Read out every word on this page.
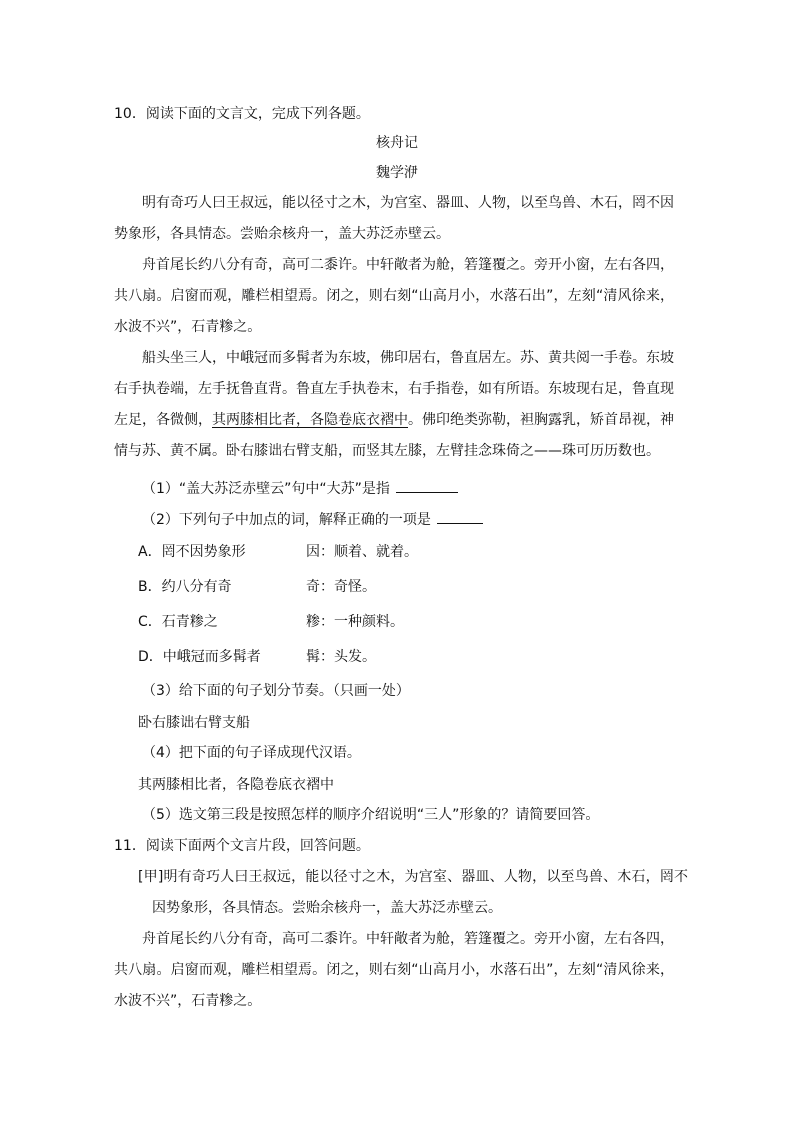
10．阅读下面的文言文，完成下列各题。
核舟记
魏学洢
明有奇巧人曰王叔远，能以径寸之木，为宫室、器皿、人物，以至鸟兽、木石，罔不因势象形，各具情态。尝贻余核舟一，盖大苏泛赤壁云。
舟首尾长约八分有奇，高可二黍许。中轩敞者为舱，箬篷覆之。旁开小窗，左右各四，共八扇。启窗而观，雕栏相望焉。闭之，则右刻“山高月小，水落石出”，左刻“清风徐来，水波不兴”，石青糁之。
船头坐三人，中峨冠而多髯者为东坡，佛印居右，鲁直居左。苏、黄共阅一手卷。东坡右手执卷端，左手抚鲁直背。鲁直左手执卷末，右手指卷，如有所语。东坡现右足，鲁直现左足，各微侧，其两膝相比者，各隐卷底衣褶中。佛印绝类弥勒，袒胸露乳，矫首昂视，神情与苏、黄不属。卧右膝诎右臂支船，而竖其左膝，左臂挂念珠倚之——珠可历历数也。
（1）“盖大苏泛赤壁云”句中“大苏”是指
（2）下列句子中加点的词，解释正确的一项是
A．罔不因势象形	因：顺着、就着。
B．约八分有奇	奇：奇怪。
C．石青糁之	糁：一种颜料。
D．中峨冠而多髯者	髯：头发。
（3）给下面的句子划分节奏。（只画一处）
卧右膝诎右臂支船
（4）把下面的句子译成现代汉语。
其两膝相比者，各隐卷底衣褶中
（5）选文第三段是按照怎样的顺序介绍说明“三人”形象的？请简要回答。
11．阅读下面两个文言片段，回答问题。
[甲]明有奇巧人曰王叔远，能以径寸之木，为宫室、器皿、人物，以至鸟兽、木石，罔不因势象形，各具情态。尝贻余核舟一，盖大苏泛赤壁云。
舟首尾长约八分有奇，高可二黍许。中轩敞者为舱，箬篷覆之。旁开小窗，左右各四，共八扇。启窗而观，雕栏相望焉。闭之，则右刻“山高月小，水落石出”，左刻“清风徐来，水波不兴”，石青糁之。
